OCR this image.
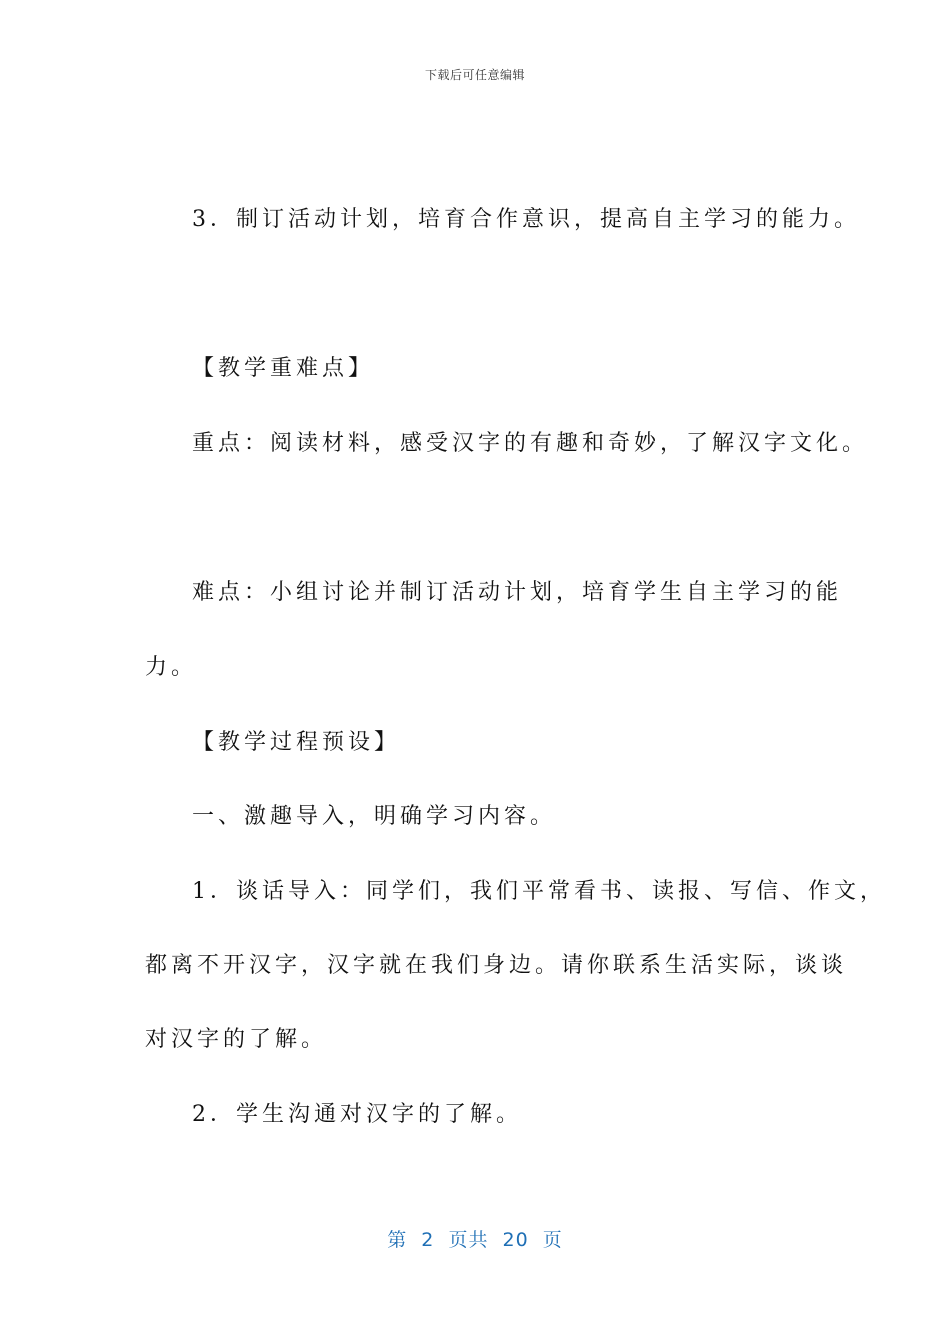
下载后可任意编辑
3．制订活动计划，培育合作意识，提高自主学习的能力。
【教学重难点】
重点：阅读材料，感受汉字的有趣和奇妙，了解汉字文化。
难点：小组讨论并制订活动计划，培育学生自主学习的能
力。
【教学过程预设】
一、激趣导入，明确学习内容。
1．谈话导入：同学们，我们平常看书、读报、写信、作文，
都离不开汉字，汉字就在我们身边。请你联系生活实际，谈谈
对汉字的了解。
2．学生沟通对汉字的了解。
第  2  页共  20  页
